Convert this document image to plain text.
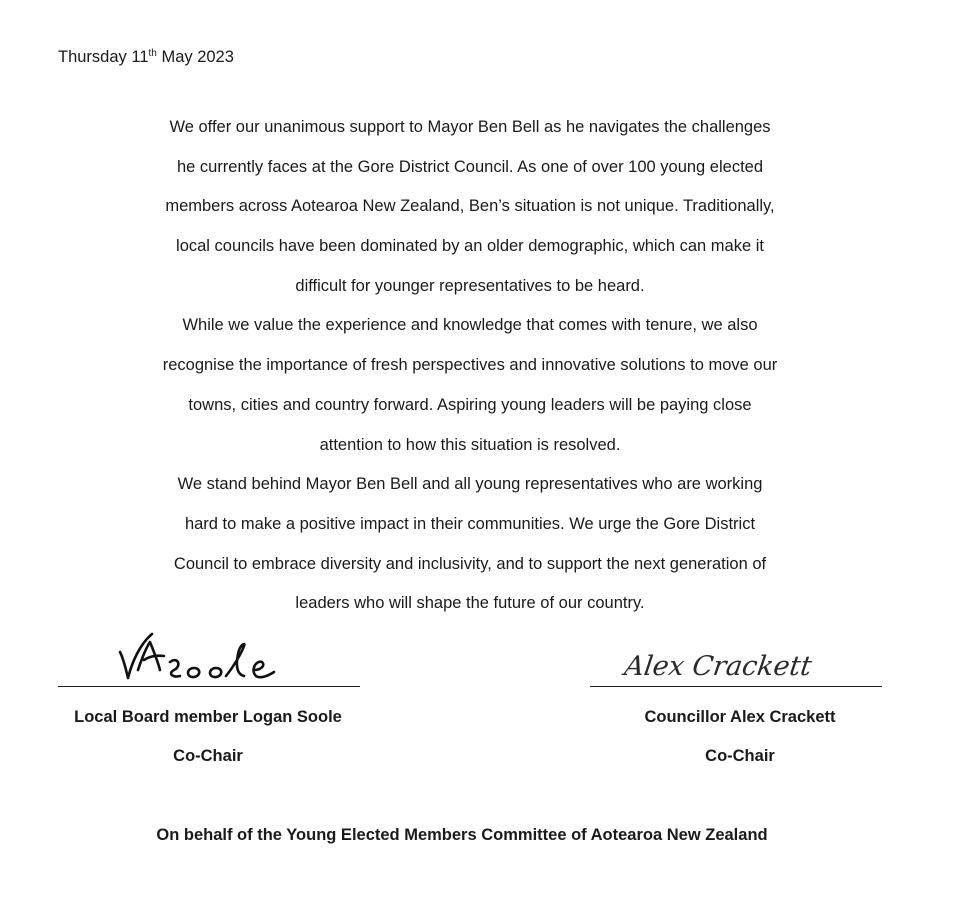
Thursday 11th May 2023
We offer our unanimous support to Mayor Ben Bell as he navigates the challenges
he currently faces at the Gore District Council. As one of over 100 young elected
members across Aotearoa New Zealand, Ben’s situation is not unique. Traditionally,
local councils have been dominated by an older demographic, which can make it
difficult for younger representatives to be heard.
While we value the experience and knowledge that comes with tenure, we also
recognise the importance of fresh perspectives and innovative solutions to move our
towns, cities and country forward. Aspiring young leaders will be paying close
attention to how this situation is resolved.
We stand behind Mayor Ben Bell and all young representatives who are working
hard to make a positive impact in their communities. We urge the Gore District
Council to embrace diversity and inclusivity, and to support the next generation of
leaders who will shape the future of our country.
Alex Crackett
Local Board member Logan Soole
Co-Chair
Councillor Alex Crackett
Co-Chair
On behalf of the Young Elected Members Committee of Aotearoa New Zealand
